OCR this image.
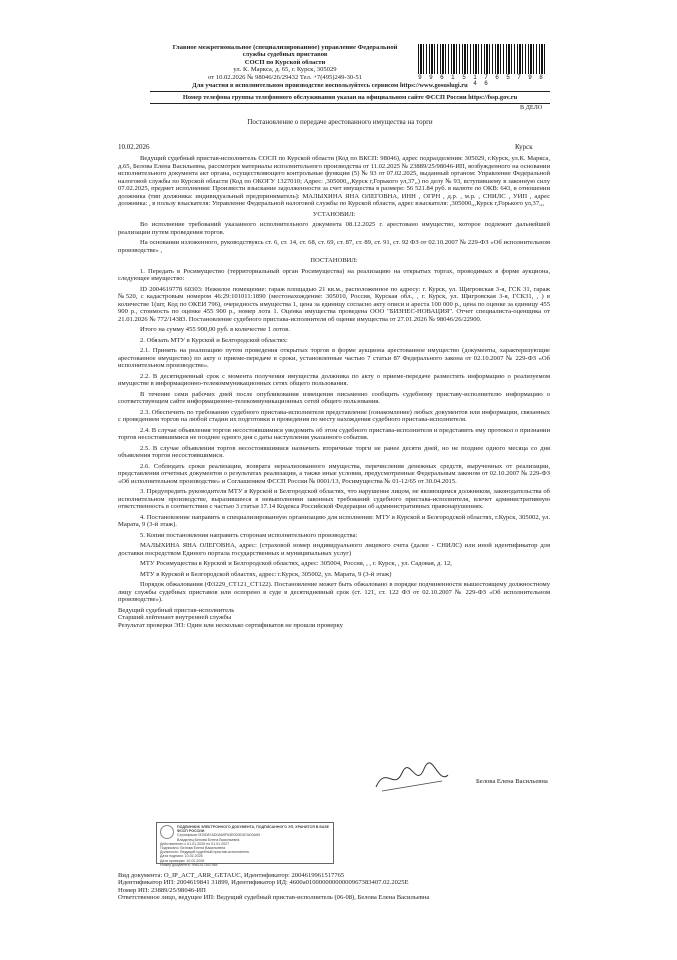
Главное межрегиональное (специализированное) управление Федеральной
службы судебных приставов
СОСП по Курской области
ул. К. Маркса, д. 65, г. Курск, 305029
от 10.02.2026 № 98046/26/29432 Тел. +7(495)249-30-51	9 9 6 1 5 1 7 6 5 7 9 8 4 6
Для участия в исполнительном производстве воспользуйтесь сервисом https://www.gosuslugi.ru
Номер телефона группы телефонного обслуживания указан на официальном сайте ФССП России https://fssp.gov.ru
В ДЕЛО
Постановление о передаче арестованного имущества на торги
10.02.2026	Курск

Ведущий судебный пристав-исполнитель СОСП по Курской области (Код по ВКСП: 98046), адрес подразделения: 305029, г.Курск, ул.К. Маркса, д.65, Белова Елена Васильевна, рассмотрев материалы исполнительного производства от 11.02.2025 № 23889/25/98046-ИП, возбужденного на основании исполнительного документа акт органа, осуществляющего контрольные функции (5) № 93 от 07.02.2025, выданный органом: Управление Федеральной налоговой службы по Курской области (Код по ОКОГУ 1327010; Адрес: ,305000,,,Курск г,Горького ул,37,,) по делу № 93, вступившему в законную силу 07.02.2025, предмет исполнения: Произвести взыскание задолженности за счет имущества в размере: 56 521.84 руб. в валюте по ОКВ: 643, в отношении должника (тип должника: индивидуальный предприниматель): МАЛЫХИНА ЯНА ОЛЕГОВНА, ИНН , ОГРН , д.р. , м.р. , СНИЛС , УИП , адрес должника: , в пользу взыскателя: Управление Федеральной налоговой службы по Курской области, адрес взыскателя: ,305000,,,Курск г,Горького ул,37,,,

УСТАНОВИЛ:

Во исполнение требований указанного исполнительного документа 08.12.2025 г. арестовано имущество, которое подлежит дальнейшей реализации путем проведения торгов.

На основании изложенного, руководствуясь ст. 6, ст. 14, ст. 68, ст. 69, ст. 87, ст. 89, ст. 91, ст. 92 ФЗ от 02.10.2007 № 229-ФЗ «Об исполнительном производстве» ,

ПОСТАНОВИЛ:

1. Передать в Росимущество (территориальный орган Росимущества) на реализацию на открытых торгах, проводимых в форме аукциона, следующее имущество:

ID 2004619778 60303: Нежилое помещение: гараж площадью 21 кв.м., расположенное по адресу: г. Курск, ул. Щигровская 3-я, ГСК 31, гараж №520, с кадастровым номером 46:29:101011:1890 (местонахождение: 305010, Россия, Курская обл., , г. Курск, ул. Щигровская 3-я, ГСК31, , ) в количестве 1(шт, Код по ОКЕИ 796), очередность имущества 1, цена за единицу согласно акту описи и ареста 100 000 р., цена по оценке за единицу 455 900 р., стоимость по оценке 455 900 р., номер лота 1. Оценка имущества проведена ООО "БИЗНЕС-НОВАЦИЯ". Отчет специалиста-оценщика от 21.01.2026 № 772/14383. Постановление судебного пристава-исполнителя об оценке имущества от 27.01.2026 № 98046/26/22900.

Итого на сумму 455 900,00 руб. в количестве 1 лотов.

2. Обязать МТУ в Курской и Белгородской областях:

2.1. Принять на реализацию путем проведения открытых торгов в форме аукциона арестованное имущество (документы, характеризующие арестованное имущество) по акту о приеме-передаче в сроки, установленные частью 7 статьи 87 Федерального закона от 02.10.2007 № 229-ФЗ «Об исполнительном производстве».

2.2. В десятидневный срок с момента получения имущества должника по акту о приеме-передаче разместить информацию о реализуемом имуществе в информационно-телекоммуникационных сетях общего пользования.

В течение семи рабочих дней после опубликования извещения письменно сообщить судебному приставу-исполнителю информацию о соответствующем сайте информационно-телекоммуникационных сетей общего пользования.

2.3. Обеспечить по требованию судебного пристава-исполнителя представление (ознакомление) любых документов или информации, связанных с проведением торгов на любой стадии их подготовки и проведения по месту нахождения судебного пристава-исполнителя.

2.4. В случае объявления торгов несостоявшимися уведомить об этом судебного пристава-исполнителя и представить ему протокол о признании торгов несостоявшимися не позднее одного дня с даты наступления указанного события.

2.5. В случае объявления торгов несостоявшимися назначить вторичные торги не ранее десяти дней, но не позднее одного месяца со дня объявления торгов несостоявшимися.

2.6. Соблюдать сроки реализации, возврата нереализованного имущества, перечисления денежных средств, вырученных от реализации, представления отчетных документов о результатах реализации, а также иные условия, предусмотренные Федеральным законом от 02.10.2007 № 229-ФЗ «Об исполнительном производстве» и Соглашением ФССП России № 0001/13, Росимущества № 01-12/65 от 30.04.2015.

3. Предупредить руководителя МТУ в Курской и Белгородской областях, что нарушение лицом, не являющимся должником, законодательства об исполнительном производстве, выразившееся в невыполнении законных требований судебного пристава-исполнителя, влечет административную ответственность в соответствии с частью 3 статьи 17.14 Кодекса Российской Федерации об административных правонарушениях.

4. Постановление направить в специализированную организацию для исполнения: МТУ в Курской и Белгородской областях, г.Курск, 305002, ул. Марата, 9 (3-й этаж).

5. Копии постановления направить сторонам исполнительного производства:

МАЛЫХИНА ЯНА ОЛЕГОВНА, адрес: (страховой номер индивидуального лицевого счета (далее - СНИЛС) или иной идентификатор для доставки посредством Единого портала государственных и муниципальных услуг)

МТУ Росимущества в Курской и Белгородской областях, адрес: 305004, Россия, , , г. Курск, , ул. Садовая, д. 12,

МТУ в Курской и Белгородской областях, адрес: г.Курск, 305002, ул. Марата, 9 (3-й этаж)

Порядок обжалования (Ф3229_СТ121_СТ122). Постановление может быть обжаловано в порядке подчиненности вышестоящему должностному лицу службы судебных приставов или оспорено в суде в десятидневный срок (ст. 121, ст. 122 ФЗ от 02.10.2007 № 229-ФЗ «Об исполнительном производстве»).

Ведущий судебный пристав-исполнитель
Старший лейтенант внутренней службы
Результат проверки ЭП: Один или несколько сертификатов не прошли проверку
Белова Елена Васильевна
ПОДЛИННИК ЭЛЕКТРОННОГО ДОКУМЕНТА, ПОДПИСАННОГО ЭП, ХРАНИТСЯ В БАЗЕ ФССП РОССИИ
Сертификат 0D5D87AD0A69F63E0D5D87AD0A69
Владелец Белова Елена Васильевна
Действителен с 01.01.2026 по 01.01.2027
Подписано: Белова Елена Васильевна
Должность: Ведущий судебный пристав-исполнитель
Дата подписи: 10.02.2026
Дата проверки: 10.02.2026
Номер документа: 9961517657984
Вид документа: O_IP_ACT_ARR_GETAUC, Идентификатор: 2004619961517765
Идентификатор ИП: 2004619841 31899, Идентификатор ИД: 4600a01000000000000967383407.02.2025E
Номер ИП: 23889/25/98046-ИП
Ответственное лицо, ведущее ИП: Ведущий судебный пристав-исполнитель (06-08), Белова Елена Васильевна
